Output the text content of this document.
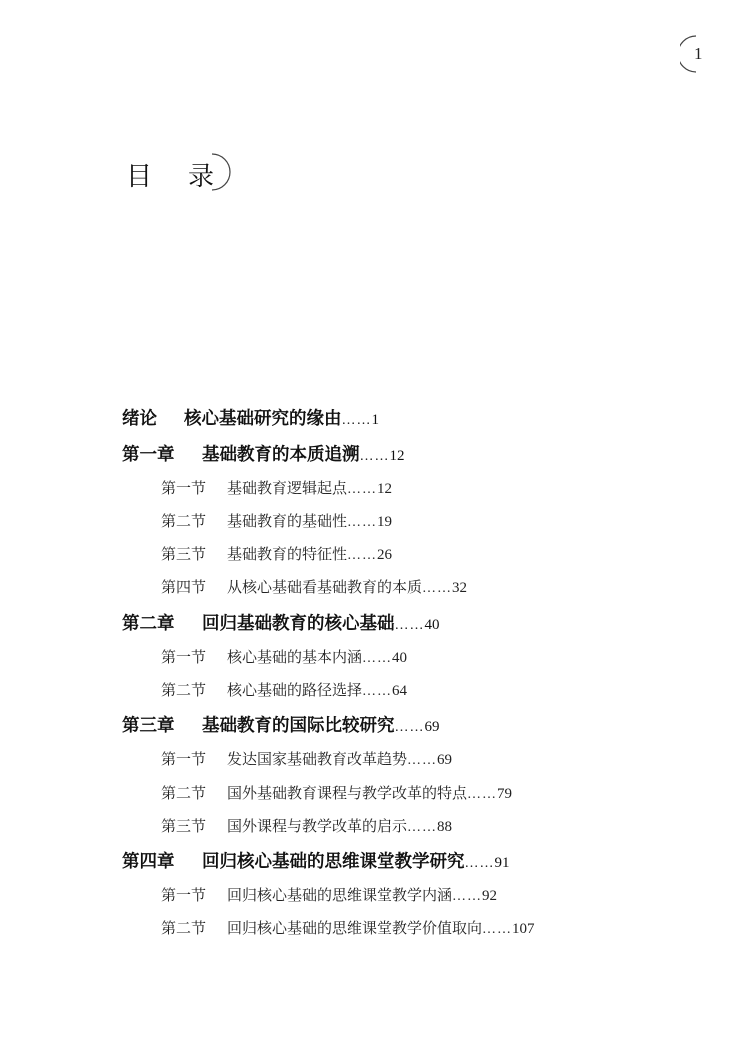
1
目录
绪论 核心基础研究的缘由……1
第一章 基础教育的本质追溯……12
第一节 基础教育逻辑起点……12
第二节 基础教育的基础性……19
第三节 基础教育的特征性……26
第四节 从核心基础看基础教育的本质……32
第二章 回归基础教育的核心基础……40
第一节 核心基础的基本内涵……40
第二节 核心基础的路径选择……64
第三章 基础教育的国际比较研究……69
第一节 发达国家基础教育改革趋势……69
第二节 国外基础教育课程与教学改革的特点……79
第三节 国外课程与教学改革的启示……88
第四章 回归核心基础的思维课堂教学研究……91
第一节 回归核心基础的思维课堂教学内涵……92
第二节 回归核心基础的思维课堂教学价值取向……107
